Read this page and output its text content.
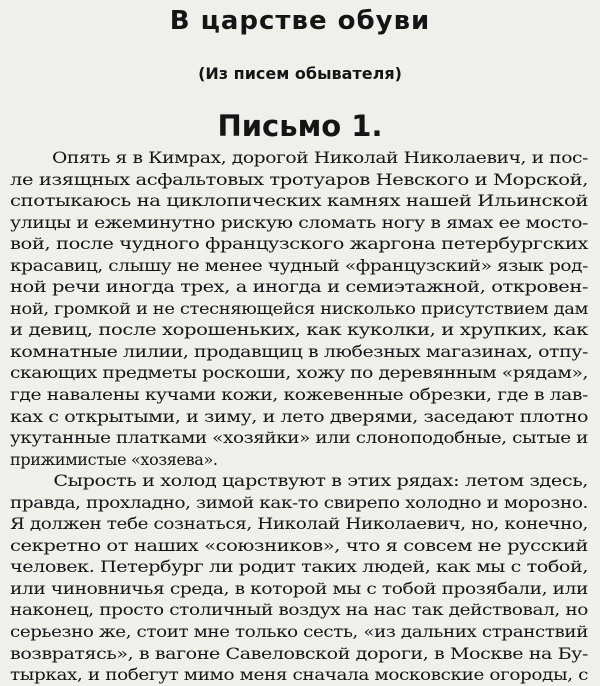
В царстве обуви
(Из писем обывателя)
Письмо 1.
Опять я в Кимрах, дорогой Николай Николаевич, и пос-
ле изящных асфальтовых тротуаров Невского и Морской,
спотыкаюсь на циклопических камнях нашей Ильинской
улицы и ежеминутно рискую сломать ногу в ямах ее мосто-
вой, после чудного французского жаргона петербургских
красавиц, слышу не менее чудный «французский» язык род-
ной речи иногда трех, а иногда и семиэтажной, откровен-
ной, громкой и не стесняющейся нисколько присутствием дам
и девиц, после хорошеньких, как куколки, и хрупких, как
комнатные лилии, продавщиц в любезных магазинах, отпу-
скающих предметы роскоши, хожу по деревянным «рядам»,
где навалены кучами кожи, кожевенные обрезки, где в лав-
ках с открытыми, и зиму, и лето дверями, заседают плотно
укутанные платками «хозяйки» или слоноподобные, сытые и
прижимистые «хозяева».
Сырость и холод царствуют в этих рядах: летом здесь,
правда, прохладно, зимой как-то свирепо холодно и морозно.
Я должен тебе сознаться, Николай Николаевич, но, конечно,
секретно от наших «союзников», что я совсем не русский
человек. Петербург ли родит таких людей, как мы с тобой,
или чиновничья среда, в которой мы с тобой прозябали, или
наконец, просто столичный воздух на нас так действовал, но
серьезно же, стоит мне только сесть, «из дальних странствий
возвратясь», в вагоне Савеловской дороги, в Москве на Бу-
тырках, и побегут мимо меня сначала московские огороды, с
